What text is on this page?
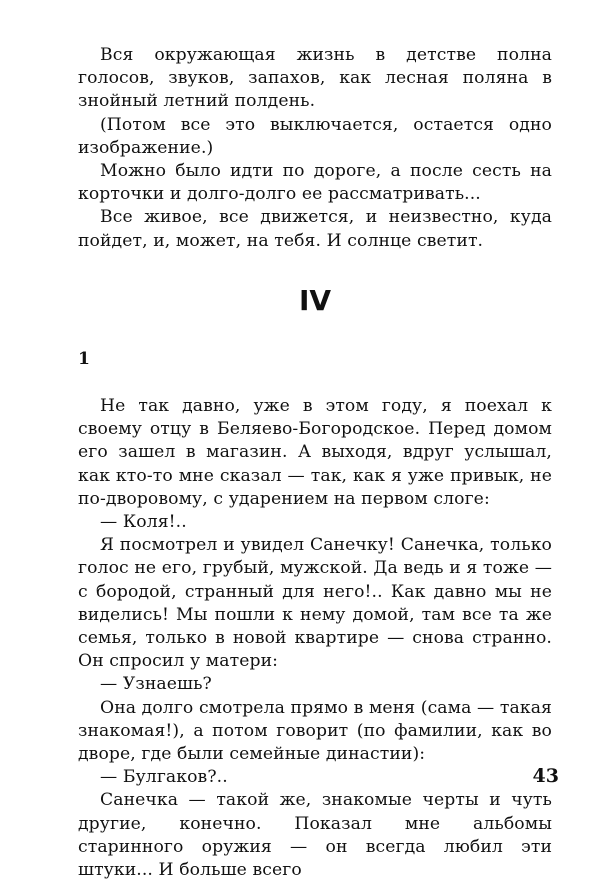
Вся окружающая жизнь в детстве полна голосов, звуков, запахов, как лесная поляна в знойный летний полдень.

(Потом все это выключается, остается одно изображение.)

Можно было идти по дороге, а после сесть на корточки и долго-долго ее рассматривать...

Все живое, все движется, и неизвестно, куда пойдет, и, может, на тебя. И солнце светит.

IV
1

Не так давно, уже в этом году, я поехал к своему отцу в Беляево-Богородское. Перед домом его зашел в магазин. А выходя, вдруг услышал, как кто-то мне сказал — так, как я уже привык, не по-дворовому, с ударением на первом слоге:

— Коля!..

Я посмотрел и увидел Санечку! Санечка, только голос не его, грубый, мужской. Да ведь и я тоже — с бородой, странный для него!.. Как давно мы не виделись! Мы пошли к нему домой, там все та же семья, только в новой квартире — снова странно. Он спросил у матери:

— Узнаешь?

Она долго смотрела прямо в меня (сама — такая знакомая!), а потом говорит (по фамилии, как во дворе, где были семейные династии):

— Булгаков?..

Санечка — такой же, знакомые черты и чуть другие, конечно. Показал мне альбомы старинного оружия — он всегда любил эти штуки... И больше всего

43
